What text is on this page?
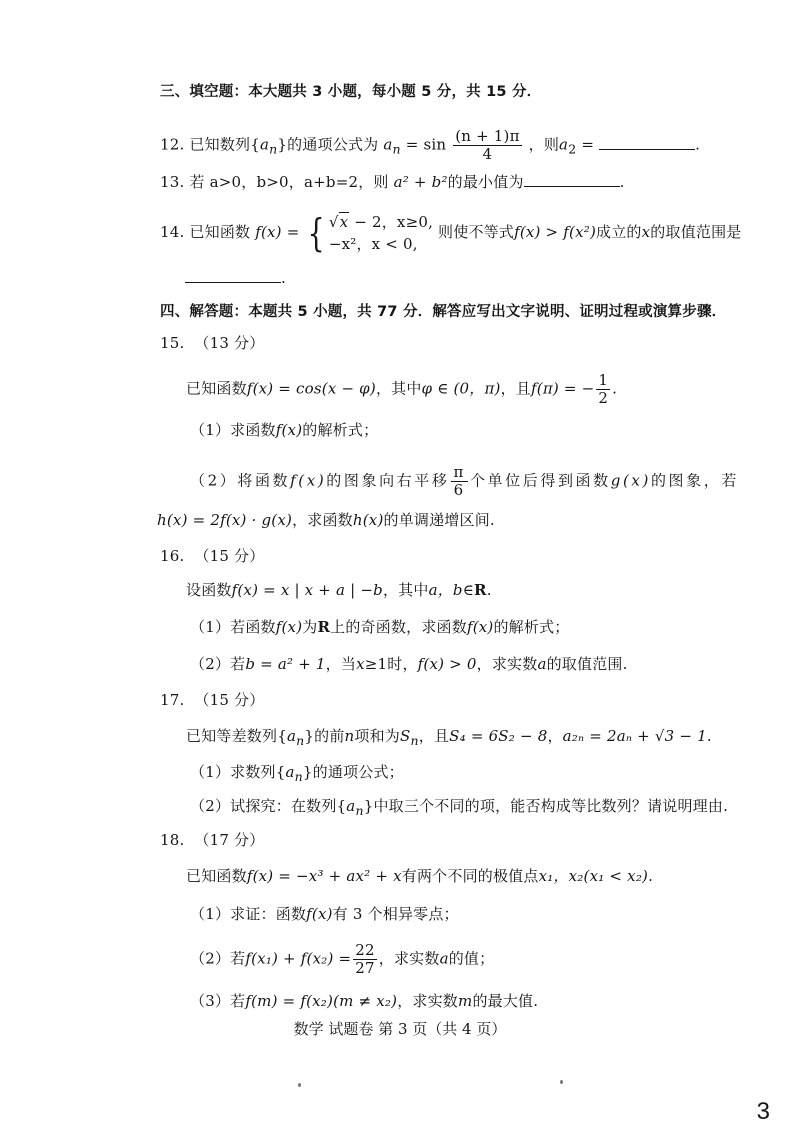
三、填空题：本大题共 3 小题，每小题 5 分，共 15 分．
12. 已知数列$\{a_n\}$的通项公式为 $a_n = \sin \frac{(n + 1)\pi}{4}$ ，则$a_2$ =	.
13. 若 a>0，b>0，a+b=2，则 a² + b²的最小值为	.
14. 已知函数 f(x) = { √x − 2，x≥0,
−x²，x < 0,
则使不等式f(x) > f(x²)成立的x的取值范围是
.
四、解答题：本题共 5 小题，共 77 分．解答应写出文字说明、证明过程或演算步骤．
15. （13 分）
已知函数f(x) = cos(x − φ)，其中φ ∈ (0，π)，且f(π) = − $\frac{1}{2}$ .
（1）求函数f(x)的解析式；
（2）将函数f(x)的图象向右平移 $\frac{\pi}{6}$ 个单位后得到函数g(x)的图象，若
h(x) = 2f(x) · g(x)，求函数h(x)的单调递增区间.
16. （15 分）
设函数f(x) = x | x + a | −b，其中a，b∈R.
（1）若函数f(x)为R上的奇函数，求函数f(x)的解析式；
（2）若b = a² + 1，当x≥1时，f(x) > 0，求实数a的取值范围.
17. （15 分）
已知等差数列$\{a_n\}$的前n项和为$S_n$，且S₄ = 6S₂ − 8，a₂ₙ = 2aₙ + √3 − 1.
（1）求数列$\{a_n\}$的通项公式；
（2）试探究：在数列$\{a_n\}$中取三个不同的项，能否构成等比数列？请说明理由.
18. （17 分）
已知函数f(x) = −x³ + ax² + x有两个不同的极值点x₁，x₂(x₁ < x₂).
（1）求证：函数f(x)有 3 个相异零点；
（2）若$f(x_1) + f(x_2) = \frac{22}{27}$ ，求实数a的值；
（3）若f(m) = f(x₂)(m ≠ x₂)，求实数m的最大值.
数学 试题卷 第 3 页（共 4 页）
3
